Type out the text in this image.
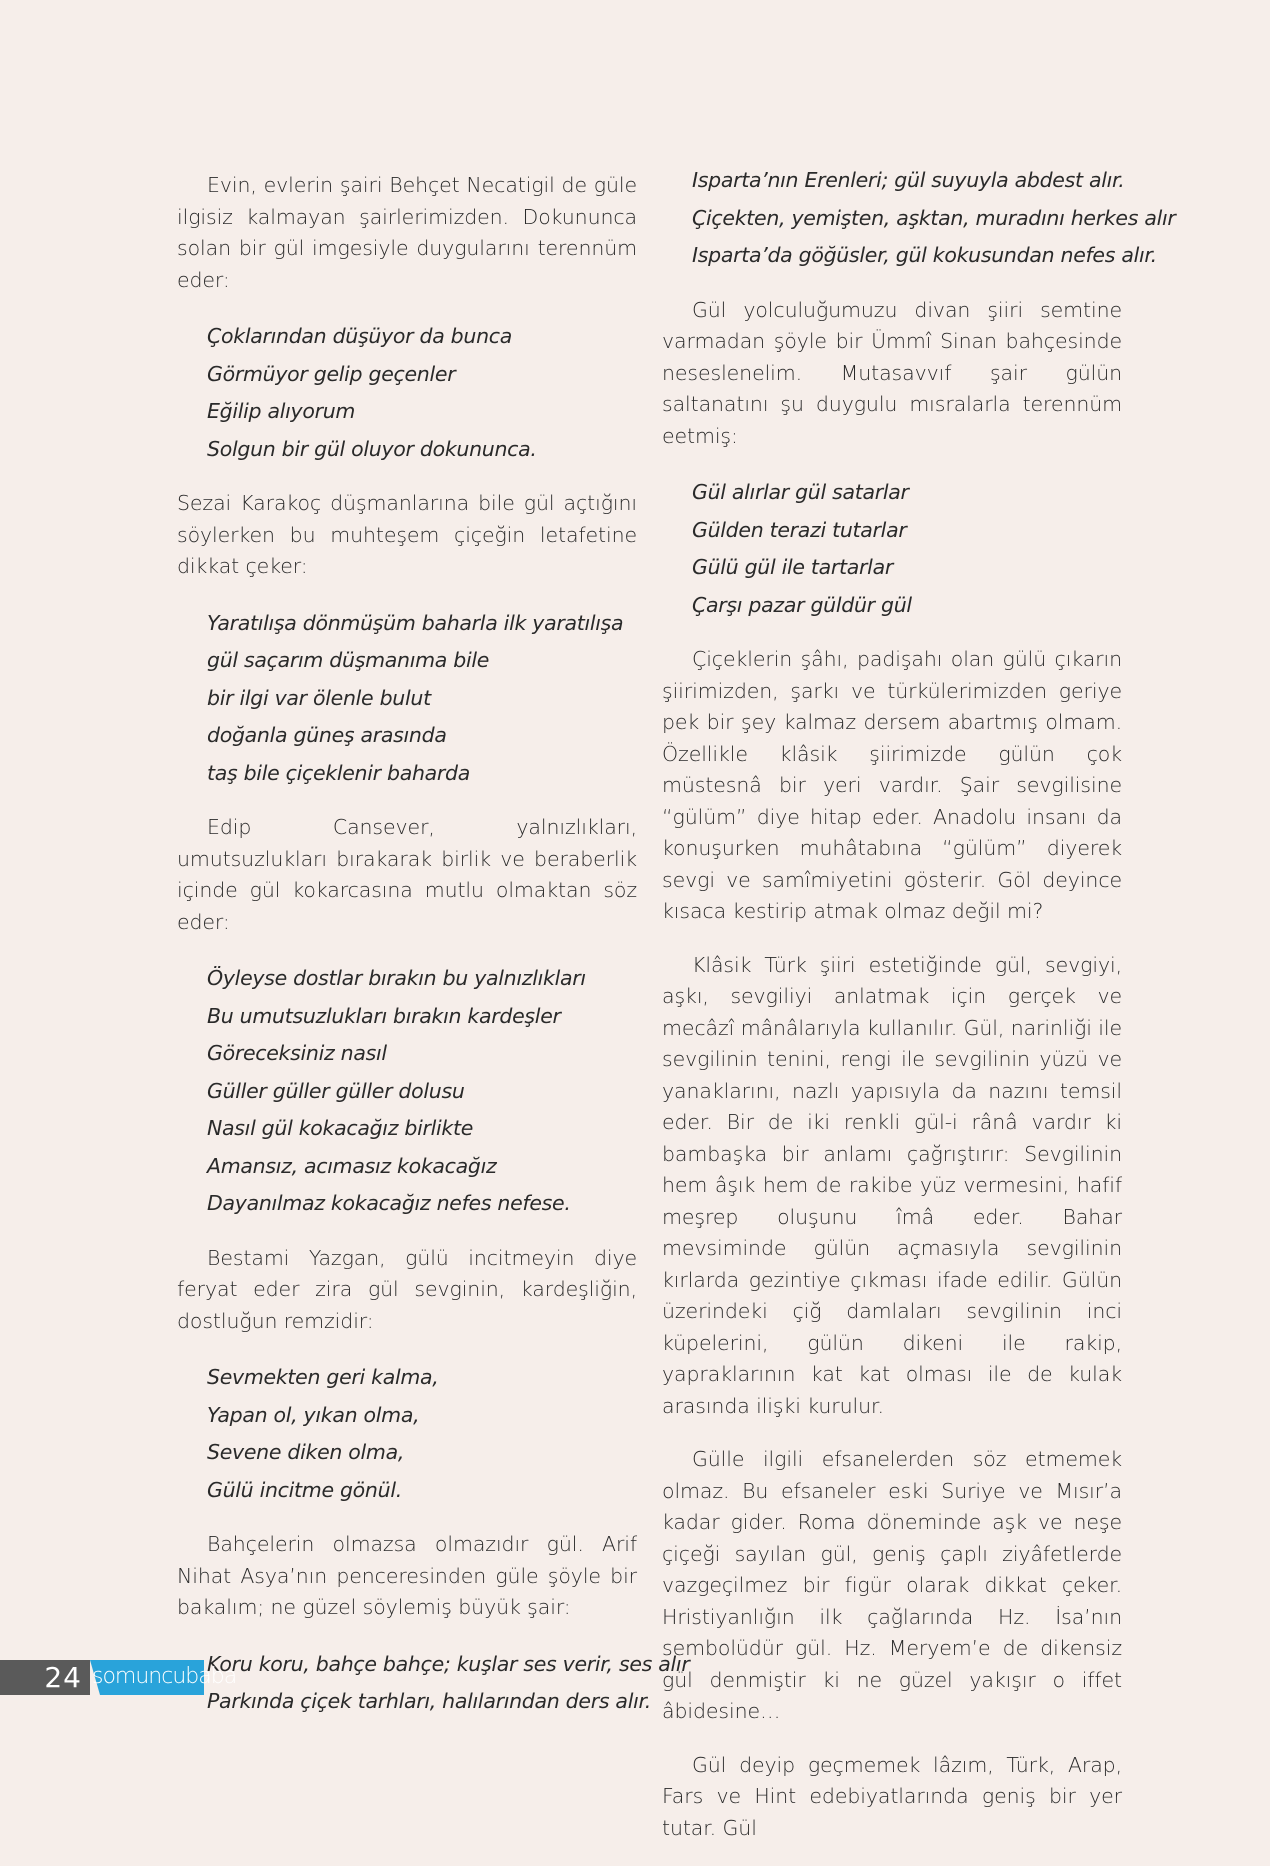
Evin, evlerin şairi Behçet Necatigil de güle ilgisiz kalmayan şairlerimizden. Dokununca solan bir gül imgesiyle duygularını terennüm eder:

Çoklarından düşüyor da bunca
Görmüyor gelip geçenler
Eğilip alıyorum
Solgun bir gül oluyor dokununca.

Sezai Karakoç düşmanlarına bile gül açtığını söylerken bu muhteşem çiçeğin letafetine dikkat çeker:

Yaratılışa dönmüşüm baharla ilk yaratılışa
gül saçarım düşmanıma bile
bir ilgi var ölenle bulut
doğanla güneş arasında
taş bile çiçeklenir baharda

Edip Cansever, yalnızlıkları, umutsuzlukları bırakarak birlik ve beraberlik içinde gül kokarcasına mutlu olmaktan söz eder:

Öyleyse dostlar bırakın bu yalnızlıkları
Bu umutsuzlukları bırakın kardeşler
Göreceksiniz nasıl
Güller güller güller dolusu
Nasıl gül kokacağız birlikte
Amansız, acımasız kokacağız
Dayanılmaz kokacağız nefes nefese.

Bestami Yazgan, gülü incitmeyin diye feryat eder zira gül sevginin, kardeşliğin, dostluğun remzidir:

Sevmekten geri kalma,
Yapan ol, yıkan olma,
Sevene diken olma,
Gülü incitme gönül.

Bahçelerin olmazsa olmazıdır gül. Arif Nihat Asya’nın penceresinden güle şöyle bir bakalım; ne güzel söylemiş büyük şair:

Koru koru, bahçe bahçe; kuşlar ses verir, ses alır
Parkında çiçek tarhları, halılarından ders alır.
Isparta’nın Erenleri; gül suyuyla abdest alır.
Çiçekten, yemişten, aşktan, muradını herkes alır
Isparta’da göğüsler, gül kokusundan nefes alır.

Gül yolculuğumuzu divan şiiri semtine varmadan şöyle bir Ümmî Sinan bahçesinde neseslenelim. Mutasavvıf şair gülün saltanatını şu duygulu mısralarla terennüm eetmiş:

Gül alırlar gül satarlar
Gülden terazi tutarlar
Gülü gül ile tartarlar
Çarşı pazar güldür gül

Çiçeklerin şâhı, padişahı olan gülü çıkarın şiirimizden, şarkı ve türkülerimizden geriye pek bir şey kalmaz dersem abartmış olmam. Özellikle klâsik şiirimizde gülün çok müstesnâ bir yeri vardır. Şair sevgilisine “gülüm” diye hitap eder. Anadolu insanı da konuşurken muhâtabına “gülüm” diyerek sevgi ve samîmiyetini gösterir. Göl deyince kısaca kestirip atmak olmaz değil mi?

Klâsik Türk şiiri estetiğinde gül, sevgiyi, aşkı, sevgiliyi anlatmak için gerçek ve mecâzî mânâlarıyla kullanılır. Gül, narinliği ile sevgilinin tenini, rengi ile sevgilinin yüzü ve yanaklarını, nazlı yapısıyla da nazını temsil eder. Bir de iki renkli gül-i rânâ vardır ki bambaşka bir anlamı çağrıştırır: Sevgilinin hem âşık hem de rakibe yüz vermesini, hafif meşrep oluşunu îmâ eder. Bahar mevsiminde gülün açmasıyla sevgilinin kırlarda gezintiye çıkması ifade edilir. Gülün üzerindeki çiğ damlaları sevgilinin inci küpelerini, gülün dikeni ile rakip, yapraklarının kat kat olması ile de kulak arasında ilişki kurulur.

Gülle ilgili efsanelerden söz etmemek olmaz. Bu efsaneler eski Suriye ve Mısır’a kadar gider. Roma döneminde aşk ve neşe çiçeği sayılan gül, geniş çaplı ziyâfetlerde vazgeçilmez bir figür olarak dikkat çeker. Hristiyanlığın ilk çağlarında Hz. İsa’nın sembolüdür gül. Hz. Meryem’e de dikensiz gül denmiştir ki ne güzel yakışır o iffet âbidesine…

Gül deyip geçmemek lâzım, Türk, Arap, Fars ve Hint edebiyatlarında geniş bir yer tutar. Gül

24 somuncubaba
